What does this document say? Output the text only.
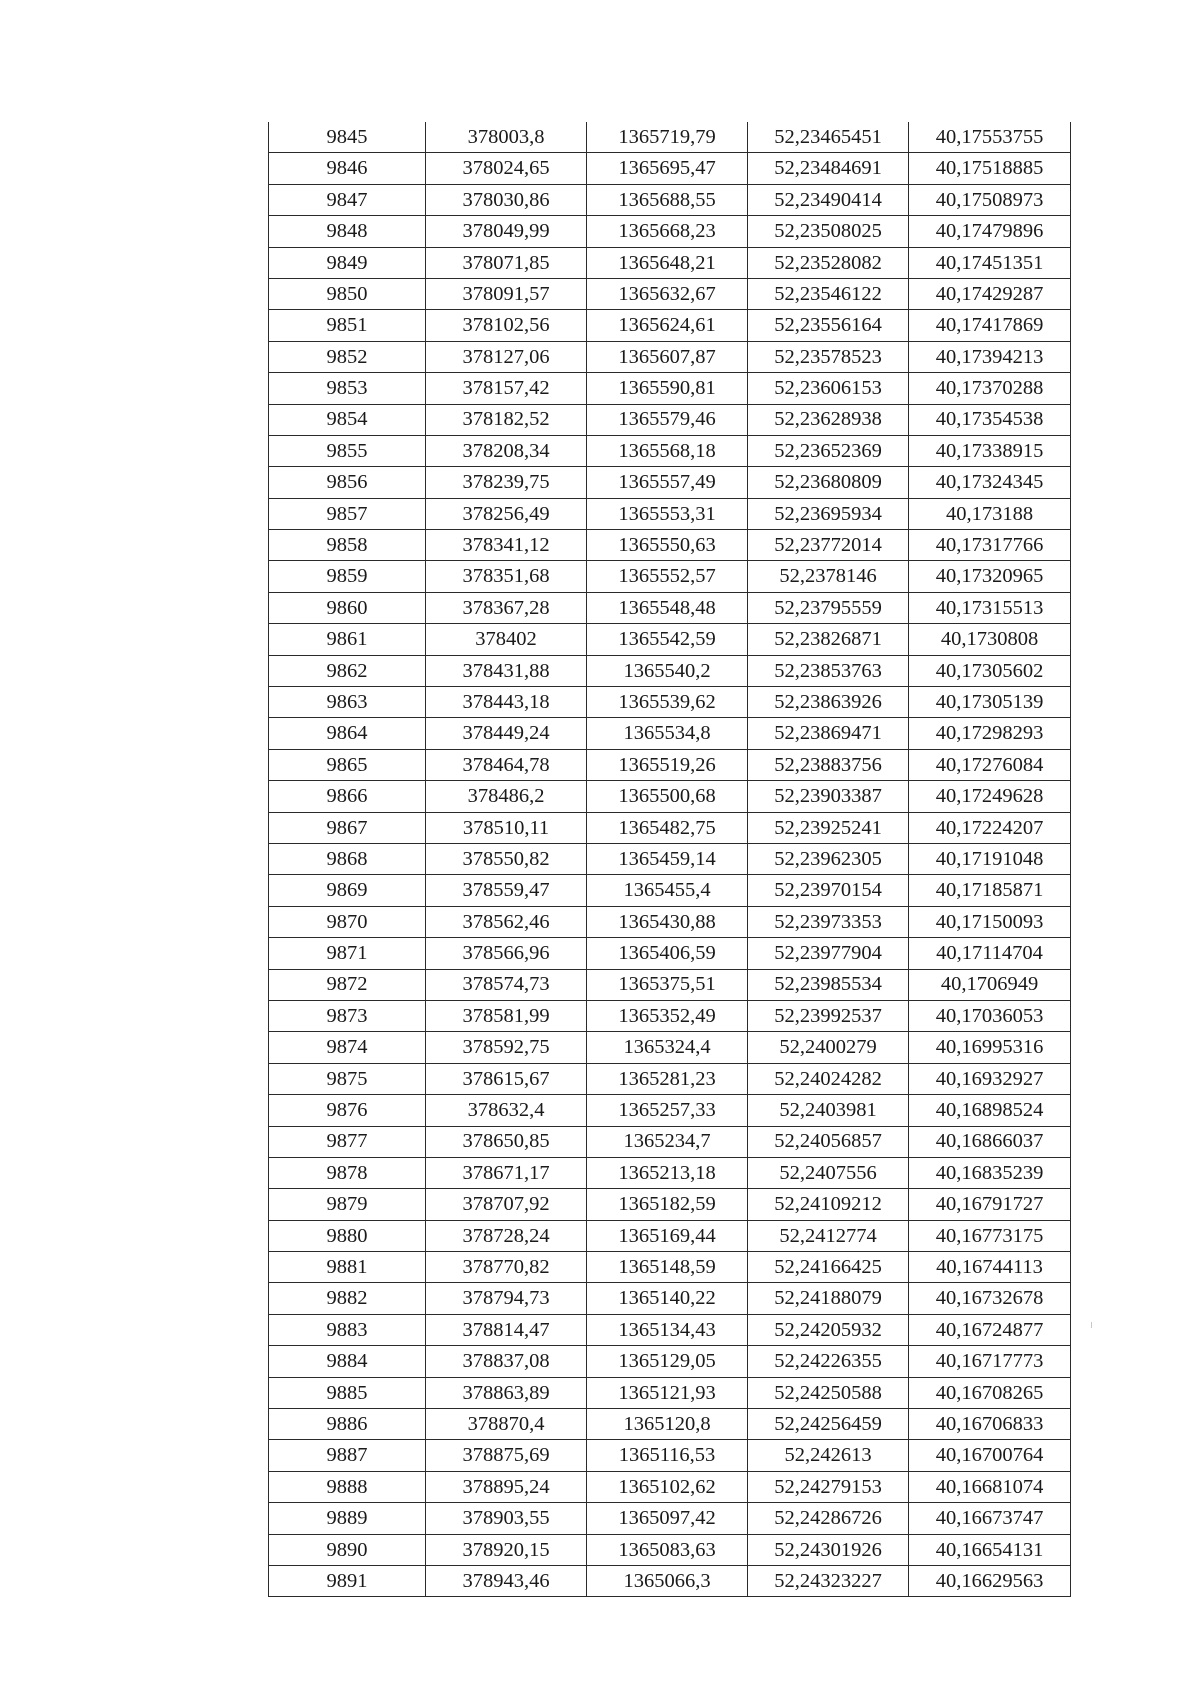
9845	378003,8	1365719,79	52,23465451	40,17553755
9846	378024,65	1365695,47	52,23484691	40,17518885
9847	378030,86	1365688,55	52,23490414	40,17508973
9848	378049,99	1365668,23	52,23508025	40,17479896
9849	378071,85	1365648,21	52,23528082	40,17451351
9850	378091,57	1365632,67	52,23546122	40,17429287
9851	378102,56	1365624,61	52,23556164	40,17417869
9852	378127,06	1365607,87	52,23578523	40,17394213
9853	378157,42	1365590,81	52,23606153	40,17370288
9854	378182,52	1365579,46	52,23628938	40,17354538
9855	378208,34	1365568,18	52,23652369	40,17338915
9856	378239,75	1365557,49	52,23680809	40,17324345
9857	378256,49	1365553,31	52,23695934	40,173188
9858	378341,12	1365550,63	52,23772014	40,17317766
9859	378351,68	1365552,57	52,2378146	40,17320965
9860	378367,28	1365548,48	52,23795559	40,17315513
9861	378402	1365542,59	52,23826871	40,1730808
9862	378431,88	1365540,2	52,23853763	40,17305602
9863	378443,18	1365539,62	52,23863926	40,17305139
9864	378449,24	1365534,8	52,23869471	40,17298293
9865	378464,78	1365519,26	52,23883756	40,17276084
9866	378486,2	1365500,68	52,23903387	40,17249628
9867	378510,11	1365482,75	52,23925241	40,17224207
9868	378550,82	1365459,14	52,23962305	40,17191048
9869	378559,47	1365455,4	52,23970154	40,17185871
9870	378562,46	1365430,88	52,23973353	40,17150093
9871	378566,96	1365406,59	52,23977904	40,17114704
9872	378574,73	1365375,51	52,23985534	40,1706949
9873	378581,99	1365352,49	52,23992537	40,17036053
9874	378592,75	1365324,4	52,2400279	40,16995316
9875	378615,67	1365281,23	52,24024282	40,16932927
9876	378632,4	1365257,33	52,2403981	40,16898524
9877	378650,85	1365234,7	52,24056857	40,16866037
9878	378671,17	1365213,18	52,2407556	40,16835239
9879	378707,92	1365182,59	52,24109212	40,16791727
9880	378728,24	1365169,44	52,2412774	40,16773175
9881	378770,82	1365148,59	52,24166425	40,16744113
9882	378794,73	1365140,22	52,24188079	40,16732678
9883	378814,47	1365134,43	52,24205932	40,16724877
9884	378837,08	1365129,05	52,24226355	40,16717773
9885	378863,89	1365121,93	52,24250588	40,16708265
9886	378870,4	1365120,8	52,24256459	40,16706833
9887	378875,69	1365116,53	52,242613	40,16700764
9888	378895,24	1365102,62	52,24279153	40,16681074
9889	378903,55	1365097,42	52,24286726	40,16673747
9890	378920,15	1365083,63	52,24301926	40,16654131
9891	378943,46	1365066,3	52,24323227	40,16629563
